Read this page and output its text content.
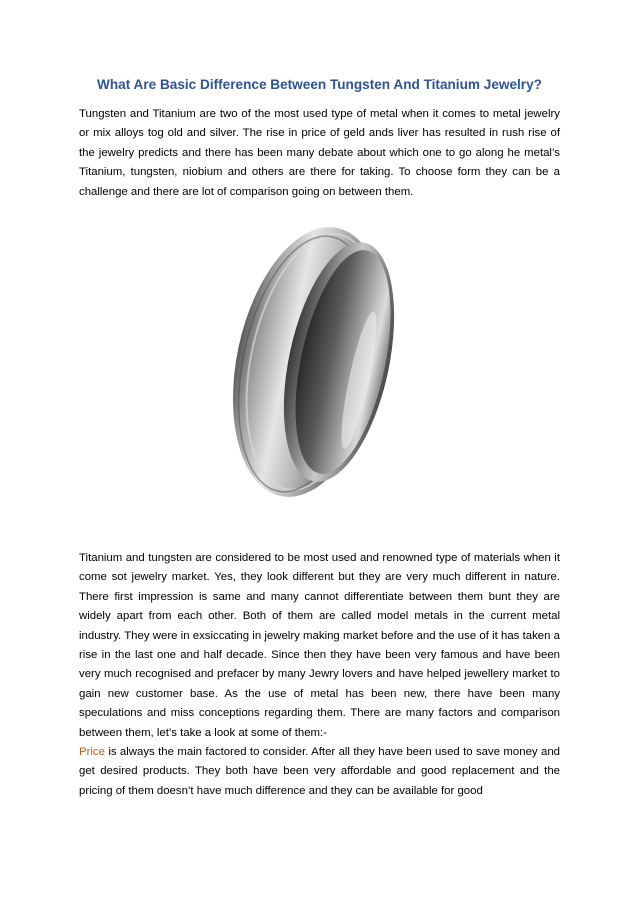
What Are Basic Difference Between Tungsten And Titanium Jewelry?

Tungsten and Titanium are two of the most used type of metal when it comes to metal jewelry or mix alloys tog old and silver. The rise in price of geld ands liver has resulted in rush rise of the jewelry predicts and there has been many debate about which one to go along he metal’s Titanium, tungsten, niobium and others are there for taking. To choose form they can be a challenge and there are lot of comparison going on between them.

Titanium and tungsten are considered to be most used and renowned type of materials when it come sot jewelry market. Yes, they look different but they are very much different in nature. There first impression is same and many cannot differentiate between them bunt they are widely apart from each other. Both of them are called model metals in the current metal industry. They were in exsiccating in jewelry making market before and the use of it has taken a rise in the last one and half decade. Since then they have been very famous and have been very much recognised and prefacer by many Jewry lovers and have helped jewellery market to gain new customer base. As the use of metal has been new, there have been many speculations and miss conceptions regarding them. There are many factors and comparison between them, let’s take a look at some of them:-

Price is always the main factored to consider. After all they have been used to save money and get desired products. They both have been very affordable and good replacement and the pricing of them doesn’t have much difference and they can be available for good
